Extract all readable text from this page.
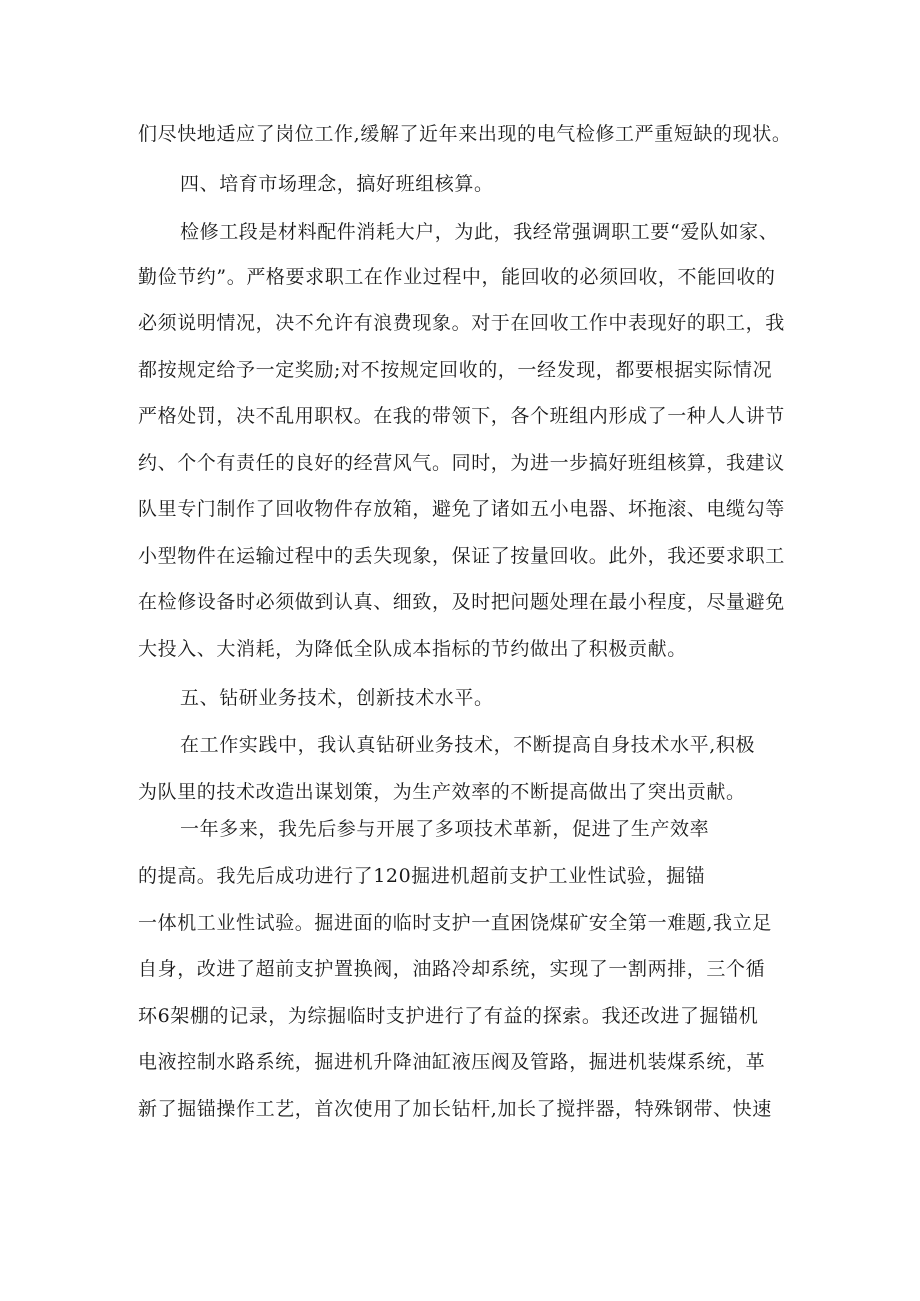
们尽快地适应了岗位工作,缓解了近年来出现的电气检修工严重短缺的现状。
四、培育市场理念，搞好班组核算。
检修工段是材料配件消耗大户，为此，我经常强调职工要“爱队如家、
勤俭节约”。严格要求职工在作业过程中，能回收的必须回收，不能回收的
必须说明情况，决不允许有浪费现象。对于在回收工作中表现好的职工，我
都按规定给予一定奖励;对不按规定回收的，一经发现，都要根据实际情况
严格处罚，决不乱用职权。在我的带领下，各个班组内形成了一种人人讲节
约、个个有责任的良好的经营风气。同时，为进一步搞好班组核算，我建议
队里专门制作了回收物件存放箱，避免了诸如五小电器、坏拖滚、电缆勾等
小型物件在运输过程中的丢失现象，保证了按量回收。此外，我还要求职工
在检修设备时必须做到认真、细致，及时把问题处理在最小程度，尽量避免
大投入、大消耗，为降低全队成本指标的节约做出了积极贡献。
五、钻研业务技术，创新技术水平。
在工作实践中，我认真钻研业务技术，不断提高自身技术水平,积极
为队里的技术改造出谋划策，为生产效率的不断提高做出了突出贡献。
一年多来，我先后参与开展了多项技术革新，促进了生产效率
的提高。我先后成功进行了120掘进机超前支护工业性试验，掘锚
一体机工业性试验。掘进面的临时支护一直困饶煤矿安全第一难题,我立足
自身，改进了超前支护置换阀，油路冷却系统，实现了一割两排，三个循
环6架棚的记录，为综掘临时支护进行了有益的探索。我还改进了掘锚机
电液控制水路系统，掘进机升降油缸液压阀及管路，掘进机装煤系统，革
新了掘锚操作工艺，首次使用了加长钻杆,加长了搅拌器，特殊钢带、快速
